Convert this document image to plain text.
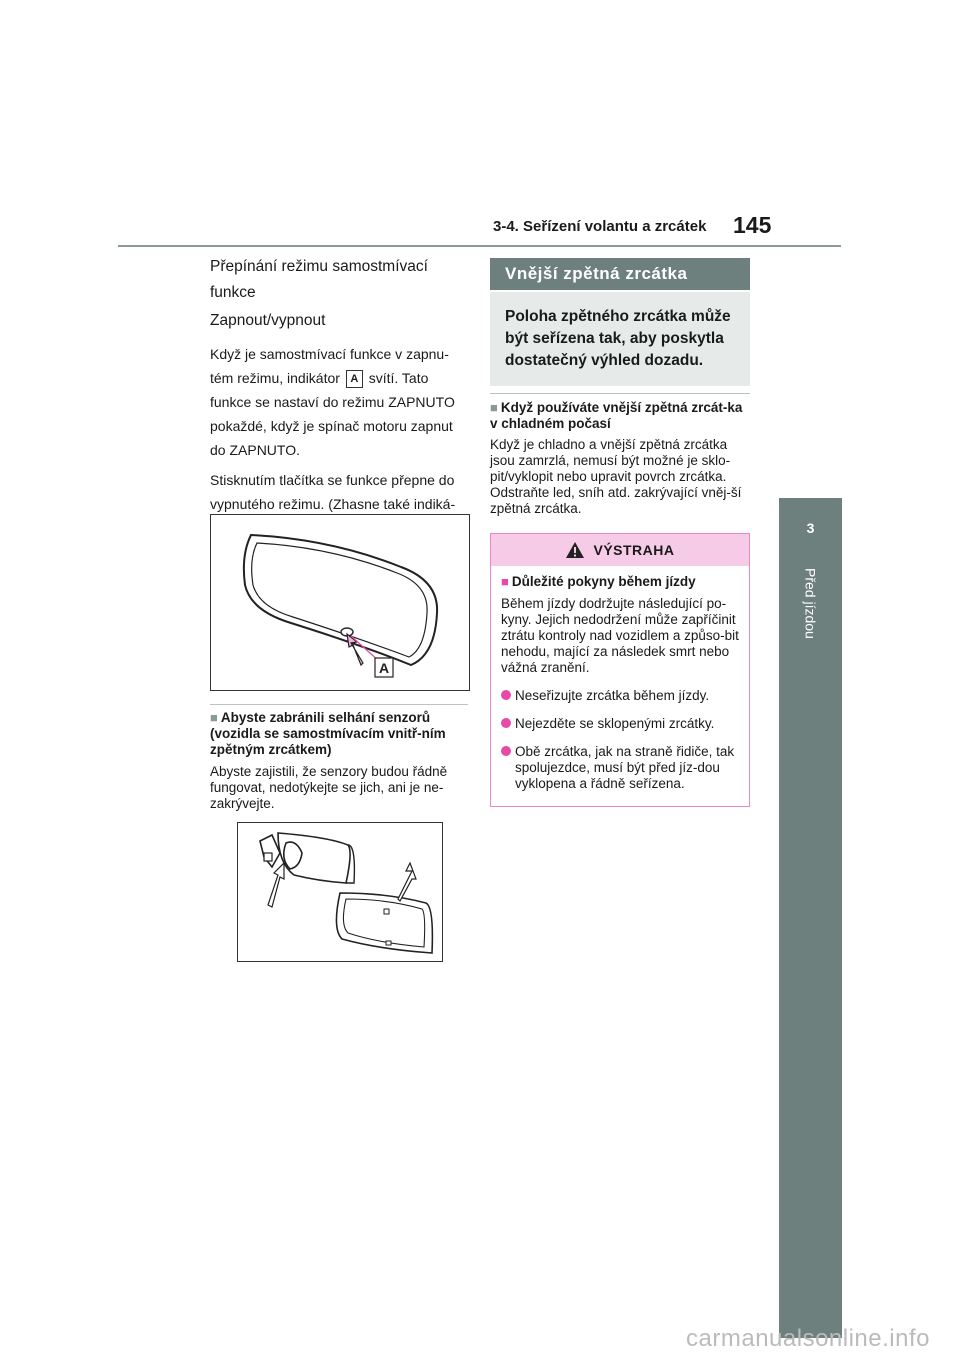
3-4. Seřízení volantu a zrcátek 145
3
Před jízdou

Přepínání režimu samostmívací funkce

Zapnout/vypnout

Když je samostmívací funkce v zapnu-tém režimu, indikátor A svítí. Tato funkce se nastaví do režimu ZAPNUTO pokaždé, když je spínač motoru zapnut do ZAPNUTO.

Stisknutím tlačítka se funkce přepne do vypnutého režimu. (Zhasne také indiká-

A
■ Abyste zabránili selhání senzorů (vozidla se samostmívacím vnitř-ním zpětným zrcátkem)

Abyste zajistili, že senzory budou řádně fungovat, nedotýkejte se jich, ani je ne-zakrývejte.

Vnější zpětná zrcátka
Poloha zpětného zrcátka může být seřízena tak, aby poskytla dostatečný výhled dozadu.
■ Když používáte vnější zpětná zrcát-ka v chladném počasí

Když je chladno a vnější zpětná zrcátka jsou zamrzlá, nemusí být možné je sklo-pit/vyklopit nebo upravit povrch zrcátka. Odstraňte led, sníh atd. zakrývající vněj-ší zpětná zrcátka.

VÝSTRAHA
■ Důležité pokyny během jízdy

Během jízdy dodržujte následující po-kyny. Jejich nedodržení může zapříčinit ztrátu kontroly nad vozidlem a způso-bit nehodu, mající za následek smrt nebo vážná zranění.

Neseřizujte zrcátka během jízdy.

Nejezděte se sklopenými zrcátky.

Obě zrcátka, jak na straně řidiče, tak spolujezdce, musí být před jíz-dou vyklopena a řádně seřízena.

carmanualsonline.info
